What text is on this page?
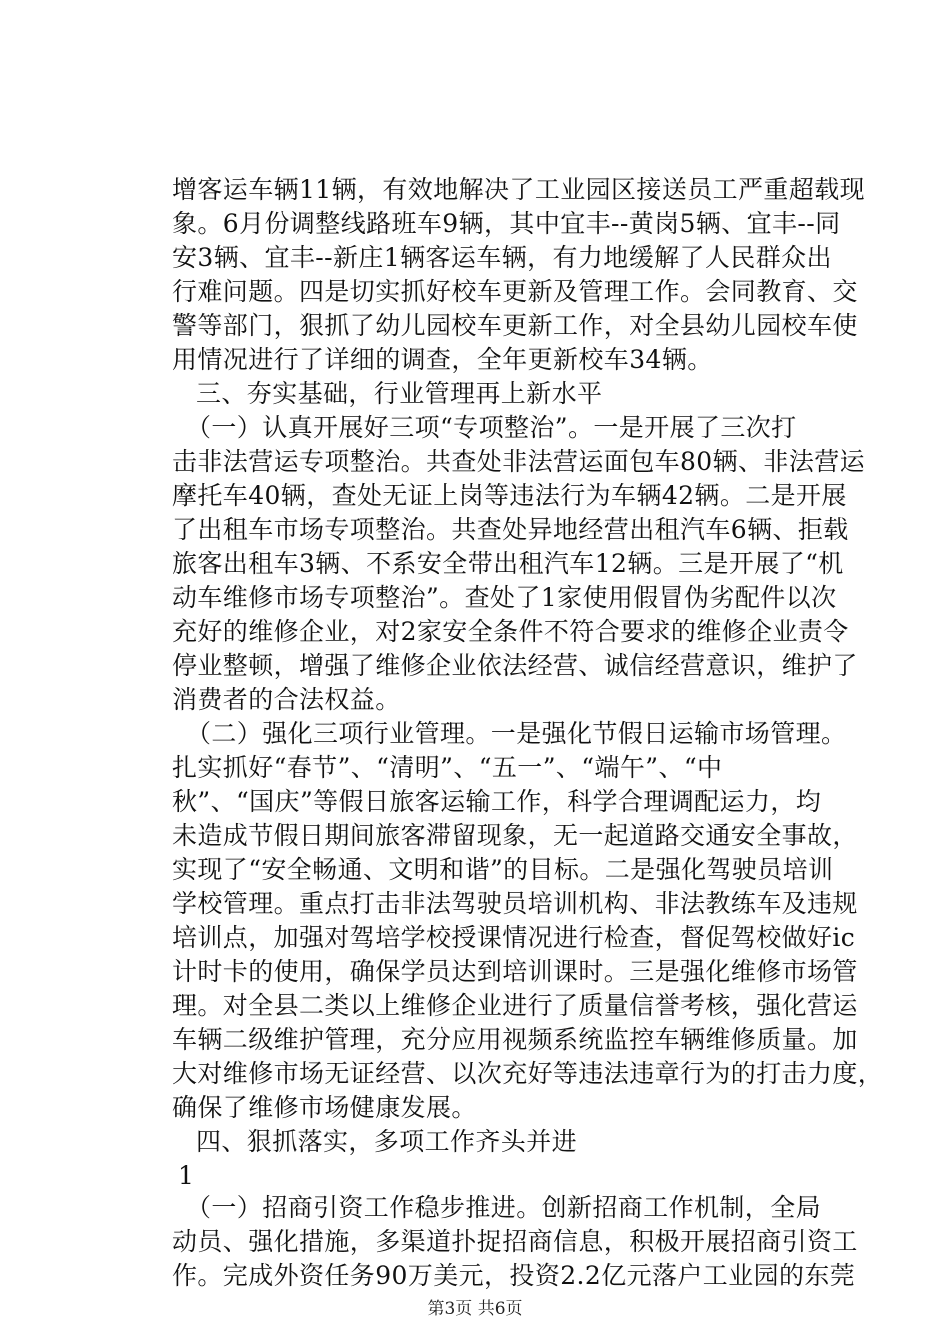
增客运车辆11辆，有效地解决了工业园区接送员工严重超载现
象。6月份调整线路班车9辆，其中宜丰--黄岗5辆、宜丰--同
安3辆、宜丰--新庄1辆客运车辆，有力地缓解了人民群众出
行难问题。四是切实抓好校车更新及管理工作。会同教育、交
警等部门，狠抓了幼儿园校车更新工作，对全县幼儿园校车使
用情况进行了详细的调查，全年更新校车34辆。
三、夯实基础，行业管理再上新水平
（一）认真开展好三项“专项整治”。一是开展了三次打
击非法营运专项整治。共查处非法营运面包车80辆、非法营运
摩托车40辆，查处无证上岗等违法行为车辆42辆。二是开展
了出租车市场专项整治。共查处异地经营出租汽车6辆、拒载
旅客出租车3辆、不系安全带出租汽车12辆。三是开展了“机
动车维修市场专项整治”。查处了1家使用假冒伪劣配件以次
充好的维修企业，对2家安全条件不符合要求的维修企业责令
停业整顿，增强了维修企业依法经营、诚信经营意识，维护了
消费者的合法权益。
（二）强化三项行业管理。一是强化节假日运输市场管理。
扎实抓好“春节”、“清明”、“五一”、“端午”、“中
秋”、“国庆”等假日旅客运输工作，科学合理调配运力，均
未造成节假日期间旅客滞留现象，无一起道路交通安全事故，
实现了“安全畅通、文明和谐”的目标。二是强化驾驶员培训
学校管理。重点打击非法驾驶员培训机构、非法教练车及违规
培训点，加强对驾培学校授课情况进行检查，督促驾校做好ic
计时卡的使用，确保学员达到培训课时。三是强化维修市场管
理。对全县二类以上维修企业进行了质量信誉考核，强化营运
车辆二级维护管理，充分应用视频系统监控车辆维修质量。加
大对维修市场无证经营、以次充好等违法违章行为的打击力度，
确保了维修市场健康发展。
四、狠抓落实，多项工作齐头并进
1
（一）招商引资工作稳步推进。创新招商工作机制，全局
动员、强化措施，多渠道扑捉招商信息，积极开展招商引资工
作。完成外资任务90万美元，投资2.2亿元落户工业园的东莞
第3页 共6页
